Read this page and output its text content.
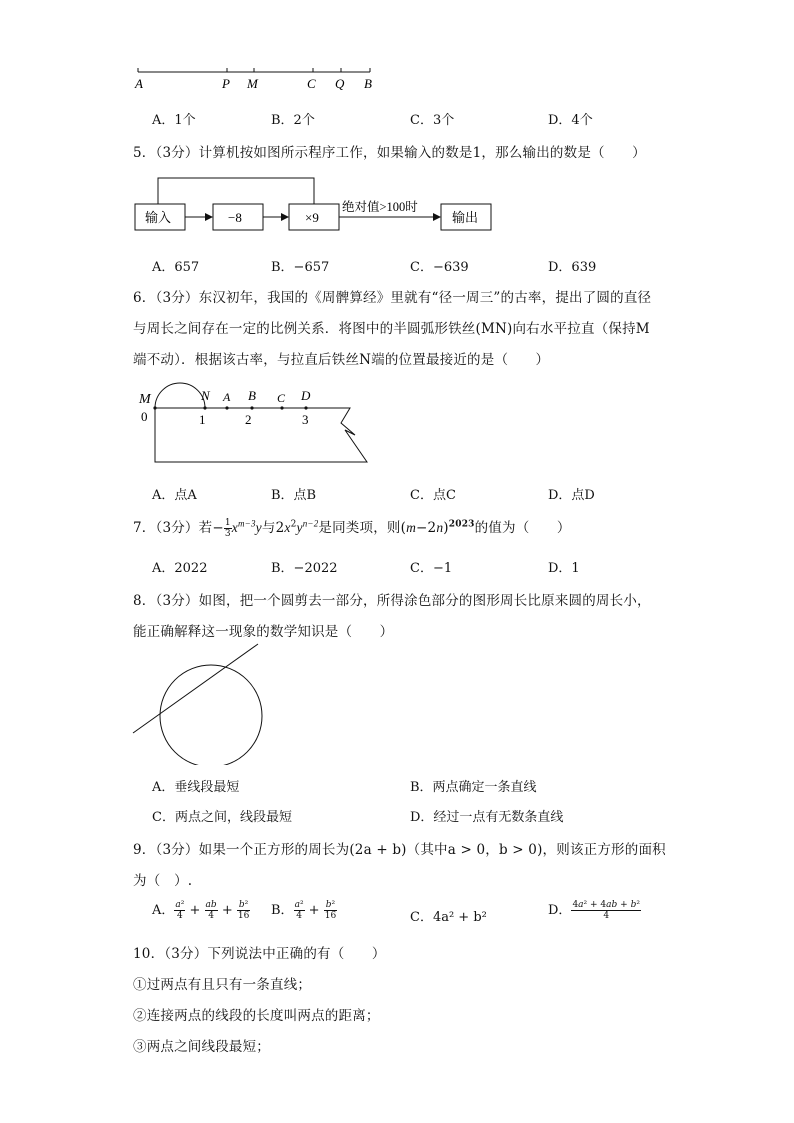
A	P M	C Q B
A．1个	B．2个	C．3个	D．4个
5．（3分）计算机按如图所示程序工作，如果输入的数是1，那么输出的数是（　　）
输入	−8	×9
绝对值>100时
输出
A．657	B．−657	C．−639	D．639
6．（3分）东汉初年，我国的《周髀算经》里就有“径一周三”的古率，提出了圆的直径
与周长之间存在一定的比例关系．将图中的半圆弧形铁丝(MN)向右水平拉直（保持M
端不动）．根据该古率，与拉直后铁丝N端的位置最接近的是（　　）
M	N A B C D
0	1	2	3
A．点A	B．点B	C．点C	D．点D
7．（3分）若− $\frac{1}{3} x^{m-3}y$与$2x^2y^{n-2}$是同类项，则$(m-2n)^{2023}$的值为（　　）
A．2022	B．−2022	C．−1	D．1
8．（3分）如图，把一个圆剪去一部分，所得涂色部分的图形周长比原来圆的周长小，
能正确解释这一现象的数学知识是（　　）
A．垂线段最短	B．两点确定一条直线
C．两点之间，线段最短	D．经过一点有无数条直线
9．（3分）如果一个正方形的周长为(2a + b)（其中a > 0，b > 0)，则该正方形的面积
为（　）.
A． $\frac{\text{a²}}{4} + \frac{ab}{4} + \frac{\text{b²}}{16}$ B． $\frac{\text{a²}}{4} + \frac{\text{b²}}{16}$	C．4a² + b²	D． $\frac{\text{4a² + 4ab + b²}}{4}$
10．（3分）下列说法中正确的有（　　）
①过两点有且只有一条直线；
②连接两点的线段的长度叫两点的距离；
③两点之间线段最短；
